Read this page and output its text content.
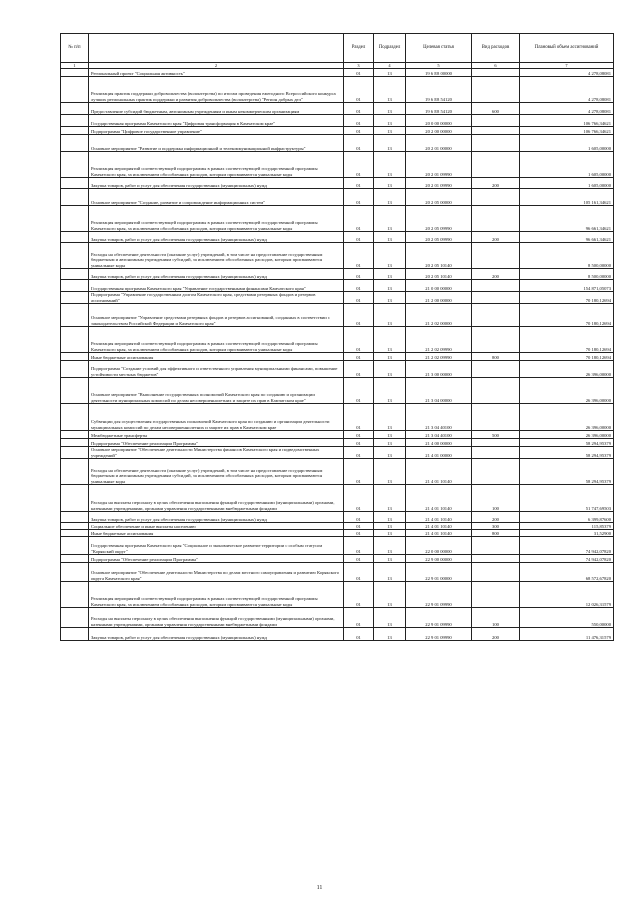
№ п/п		Раздел	Подраздел	Целевая статья	Вид расходов	Плановый объем ассигнований
1	2	3	4	5	6	7
	Региональный проект "Социальная активность"	01	13	19 6 Е8 00000		4 278,08081
	Реализация практик поддержки добровольчества (волонтерства) по итогам проведения ежегодного Всероссийского конкурса лучших региональных практик поддержки и развития добровольчества (волонтерства) "Регион добрых дел"	01	13	19 6 Е8 54120		4 278,08081
	Предоставление субсидий бюджетным, автономным учреждениям и иным некоммерческим организациям	01	13	19 6 Е8 54120	600	4 278,08081
	Государственная программа Камчатского края "Цифровая трансформация в Камчатском крае"	01	13	20 0 00 00000		106 766,34621
	Подпрограмма "Цифровое государственное управление"	01	13	20 2 00 00000		106 766,34621
	Основное мероприятие "Развитие и поддержка информационной и телекоммуникационной инфраструктуры"	01	13	20 2 01 00000		1 605,00000
	Реализация мероприятий соответствующей подпрограммы в рамках соответствующей государственной программы Камчатского края, за исключением обособленных расходов, которым присваиваются уникальные коды	01	13	20 2 01 09990		1 605,00000
	Закупка товаров, работ и услуг для обеспечения государственных (муниципальных) нужд	01	13	20 2 01 09990	200	1 605,00000
	Основное мероприятие "Создание, развитие и сопровождение информационных систем"	01	13	20 2 05 00000		105 161,34621
	Реализация мероприятий соответствующей подпрограммы в рамках соответствующей государственной программы Камчатского края, за исключением обособленных расходов, которым присваиваются уникальные коды	01	13	20 2 05 09990		96 661,34621
	Закупка товаров, работ и услуг для обеспечения государственных (муниципальных) нужд	01	13	20 2 05 09990	200	96 661,34621
	Расходы на обеспечение деятельности (оказание услуг) учреждений, в том числе на предоставление государственным бюджетным и автономным учреждениям субсидий, за исключением обособленных расходов, которым присваиваются уникальные коды	01	13	20 2 05 10140		8 500,00000
	Закупка товаров, работ и услуг для обеспечения государственных (муниципальных) нужд	01	13	20 2 05 10140	200	8 500,00000
	Государственная программа Камчатского края "Управление государственными финансами Камчатского края"	01	13	21 0 00 00000		154 871,05073
	Подпрограмма "Управление государственным долгом Камчатского края, средствами резервных фондов и резервов ассигнований"	01	13	21 2 00 00000		70 180,12694
	Основное мероприятие "Управление средствами резервных фондов и резервов ассигнований, созданных в соответствии с законодательством Российской Федерации и Камчатского края"	01	13	21 2 02 00000		70 180,12694
	Реализация мероприятий соответствующей подпрограммы в рамках соответствующей государственной программы Камчатского края, за исключением обособленных расходов, которым присваиваются уникальные коды	01	13	21 2 02 09990		70 180,12694
	Иные бюджетные ассигнования	01	13	21 2 02 09990	800	70 180,12694
	Подпрограмма "Создание условий для эффективного и ответственного управления муниципальными финансами, повышение устойчивости местных бюджетов"	01	13	21 3 00 00000		26 396,00000
	Основное мероприятие "Выполнение государственных полномочий Камчатского края по созданию и организации деятельности муниципальных комиссий по делам несовершеннолетних и защите их прав в Камчатском крае"	01	13	21 3 04 00000		26 396,00000
	Субвенции для осуществления государственных полномочий Камчатского края по созданию и организации деятельности муниципальных комиссий по делам несовершеннолетних и защите их прав в Камчатском крае	01	13	21 3 04 40100		26 396,00000
	Межбюджетные трансферты	01	13	21 3 04 40100	500	26 396,00000
	Подпрограмма "Обеспечение реализации Программы"	01	13	21 4 00 00000		58 294,95379
	Основное мероприятие "Обеспечение деятельности Министерства финансов Камчатского края и подведомственных учреждений"	01	13	21 4 01 00000		58 294,95379
	Расходы на обеспечение деятельности (оказание услуг) учреждений, в том числе на предоставление государственным бюджетным и автономным учреждениям субсидий, за исключением обособленных расходов, которым присваиваются уникальные коды	01	13	21 4 01 10140		58 294,95379
	Расходы на выплаты персоналу в целях обеспечения выполнения функций государственными (муниципальными) органами, казенными учреждениями, органами управления государственными внебюджетными фондами	01	13	21 4 01 10140	100	51 747,69503
	Закупка товаров, работ и услуг для обеспечения государственных (муниципальных) нужд	01	13	21 4 01 10140	200	6 399,87600
	Социальное обеспечение и иные выплаты населению	01	13	21 4 01 10140	300	115,85379
	Иные бюджетные ассигнования	01	13	21 4 01 10140	800	31,52900
	Государственная программа Камчатского края "Социальное и экономическое развитие территории с особым статусом "Корякский округ"	01	13	22 0 00 00000		74 942,07820
	Подпрограмма "Обеспечение реализации Программы"	01	13	22 9 00 00000		74 942,07820
	Основное мероприятие "Обеспечение деятельности Министерства по делам местного самоуправления и развитию Корякского округа Камчатского края"	01	13	22 9 01 00000		68 572,67820
	Реализация мероприятий соответствующей подпрограммы в рамках соответствующей государственной программы Камчатского края, за исключением обособленных расходов, которым присваиваются уникальные коды	01	13	22 9 01 09990		12 026,31579
	Расходы на выплаты персоналу в целях обеспечения выполнения функций государственными (муниципальными) органами, казенными учреждениями, органами управления государственными внебюджетными фондами	01	13	22 9 01 09990	100	550,00000
	Закупка товаров, работ и услуг для обеспечения государственных (муниципальных) нужд	01	13	22 9 01 09990	200	11 476,31579
11
